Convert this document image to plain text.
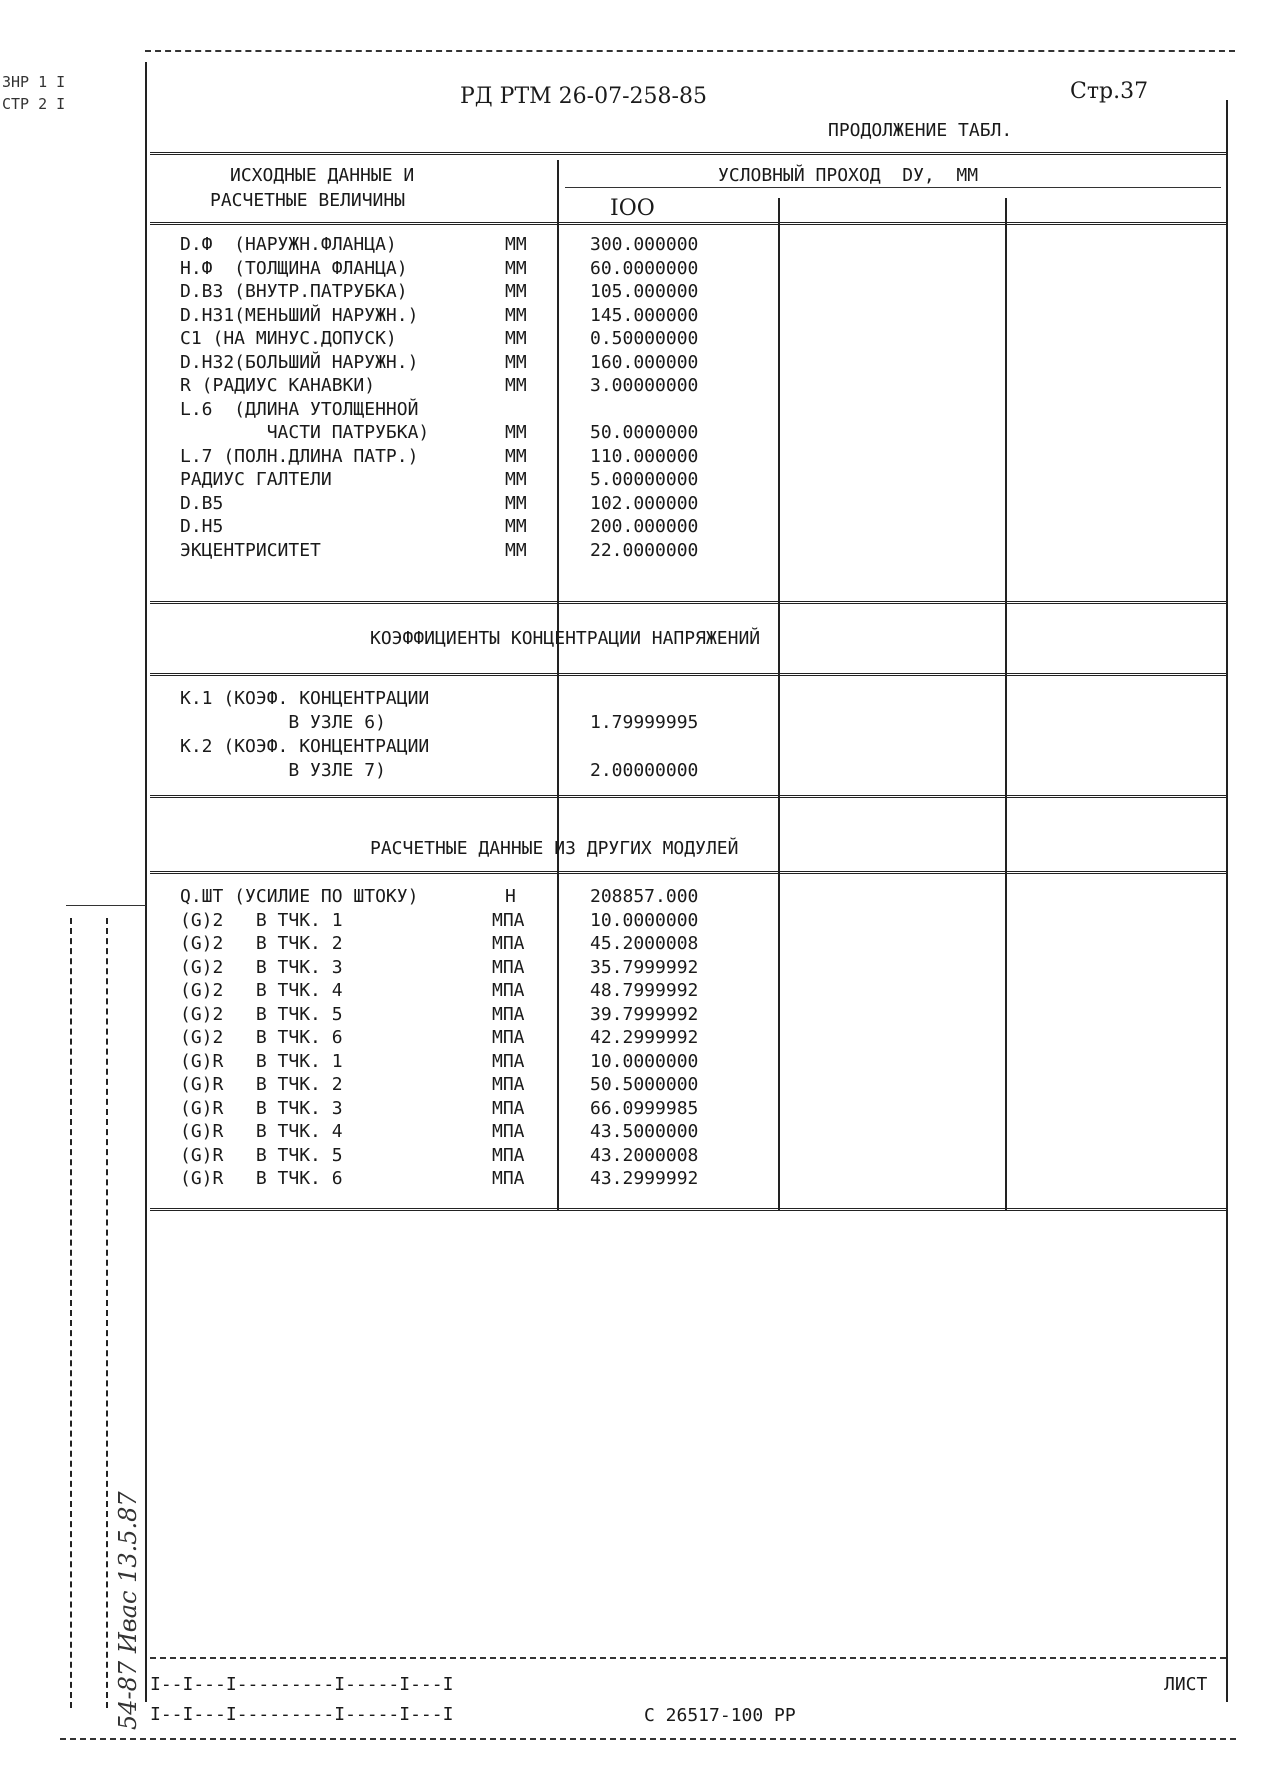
ЗНР 1 I
СТР 2 I	РД РТМ 26-07-258-85	Стр.37
ПРОДОЛЖЕНИЕ ТАБЛ.
ИСХОДНЫЕ ДАННЫЕ И
РАСЧЕТНЫЕ ВЕЛИЧИНЫ
УСЛОВНЫЙ ПРОХОД  DУ,  ММ
IOO
D.Ф  (НАРУЖН.ФЛАНЦА)	ММ	300.000000
H.Ф  (ТОЛЩИНА ФЛАНЦА)	ММ	60.0000000
D.B3 (ВНУТР.ПАТРУБКА)	ММ	105.000000
D.H31(МЕНЬШИЙ НАРУЖН.)	ММ	145.000000
C1 (НА МИНУС.ДОПУСК)	ММ	0.50000000
D.H32(БОЛЬШИЙ НАРУЖН.)	ММ	160.000000
R (РАДИУС КАНАВКИ)	ММ	3.00000000
L.6  (ДЛИНА УТОЛЩЕННОЙ
ЧАСТИ ПАТРУБКА)	ММ	50.0000000
L.7 (ПОЛН.ДЛИНА ПАТР.)	ММ	110.000000
РАДИУС ГАЛТЕЛИ	ММ	5.00000000
D.B5	ММ	102.000000
D.H5	ММ	200.000000
ЭКЦЕНТРИСИТЕТ	ММ	22.0000000
КОЭФФИЦИЕНТЫ КОНЦЕНТРАЦИИ НАПРЯЖЕНИЙ
K.1 (КОЭФ. КОНЦЕНТРАЦИИ
В УЗЛЕ 6)	1.79999995
K.2 (КОЭФ. КОНЦЕНТРАЦИИ
В УЗЛЕ 7)	2.00000000
РАСЧЕТНЫЕ ДАННЫЕ ИЗ ДРУГИХ МОДУЛЕЙ
Q.ШТ (УСИЛИЕ ПО ШТОКУ)	Н	208857.000
(G)2   В ТЧК. 1	МПА	10.0000000
(G)2   В ТЧК. 2	МПА	45.2000008
(G)2   В ТЧК. 3	МПА	35.7999992
(G)2   В ТЧК. 4	МПА	48.7999992
(G)2   В ТЧК. 5	МПА	39.7999992
(G)2   В ТЧК. 6	МПА	42.2999992
(G)R   В ТЧК. 1	МПА	10.0000000
(G)R   В ТЧК. 2	МПА	50.5000000
(G)R   В ТЧК. 3	МПА	66.0999985
(G)R   В ТЧК. 4	МПА	43.5000000
(G)R   В ТЧК. 5	МПА	43.2000008
(G)R   В ТЧК. 6	МПА	43.2999992
54-87 Ивас 13.5.87 I--I---I---------I-----I---I
I--I---I---------I-----I---I	С 26517-100 РР
ЛИСТ
